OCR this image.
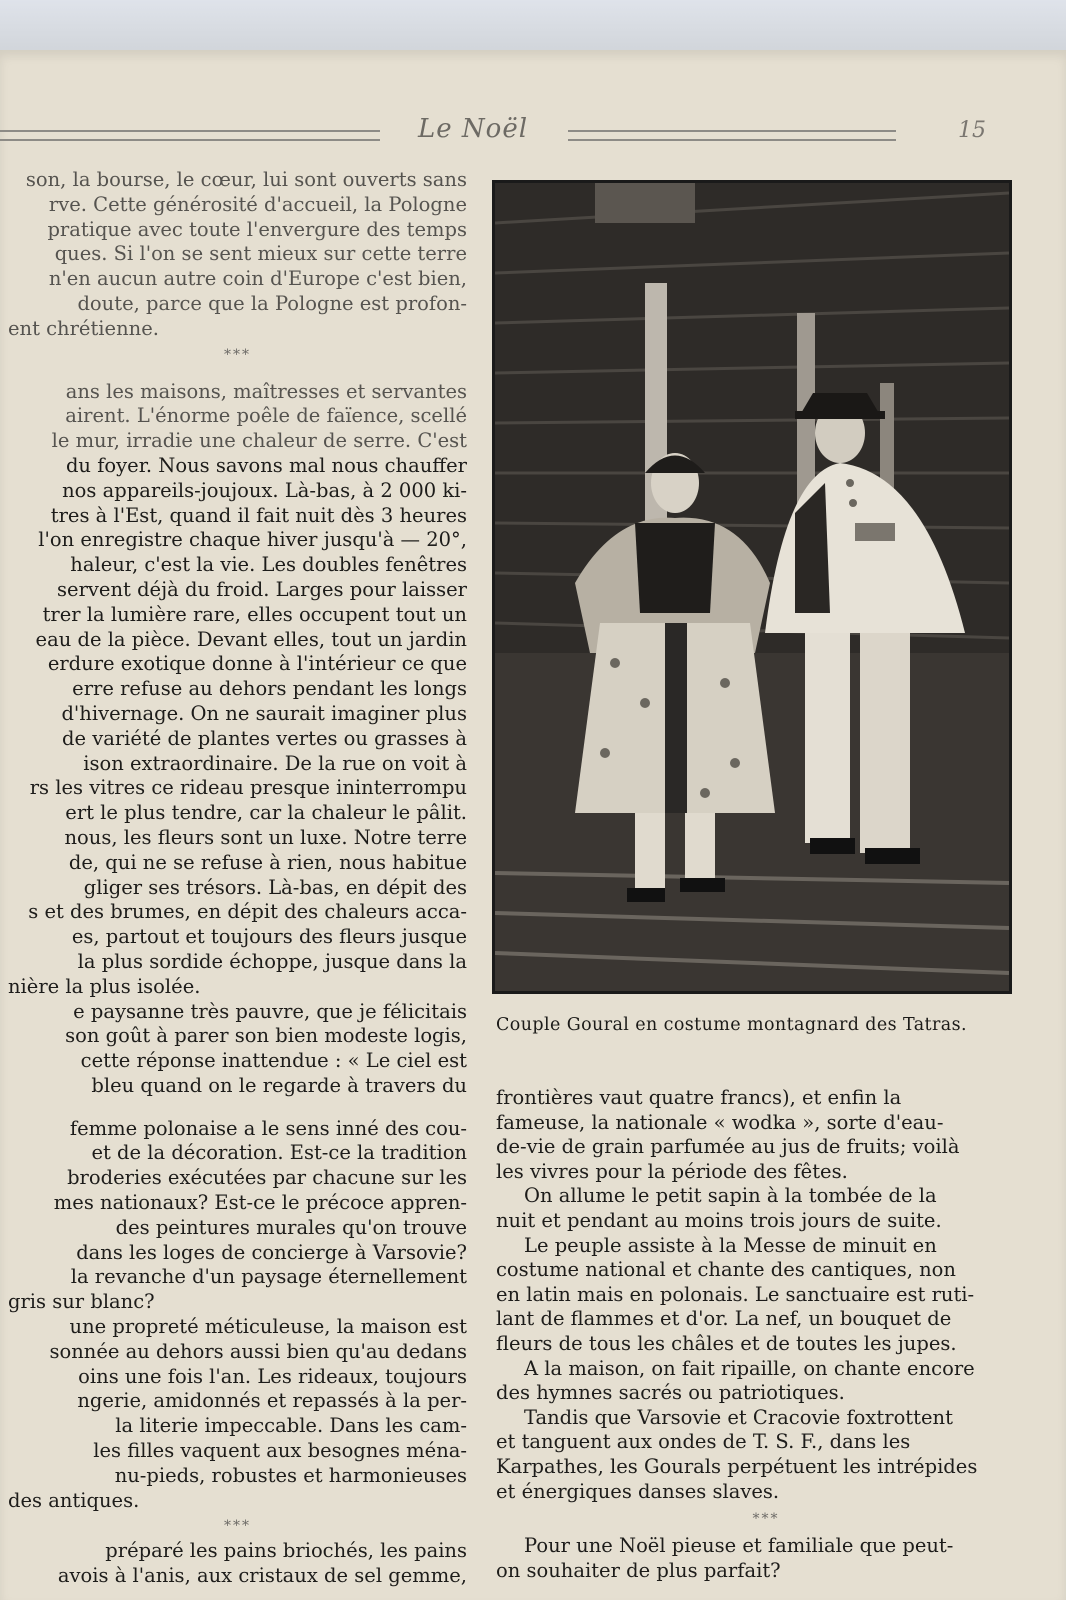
Le Noël	15
son, la bourse, le cœur, lui sont ouverts sans
rve. Cette générosité d'accueil, la Pologne
pratique avec toute l'envergure des temps
ques. Si l'on se sent mieux sur cette terre
n'en aucun autre coin d'Europe c'est bien,
doute, parce que la Pologne est profon-
ent chrétienne.
***
ans les maisons, maîtresses et servantes
airent. L'énorme poêle de faïence, scellé
le mur, irradie une chaleur de serre. C'est
du foyer. Nous savons mal nous chauffer
nos appareils-joujoux. Là-bas, à 2 000 ki-
tres à l'Est, quand il fait nuit dès 3 heures
l'on enregistre chaque hiver jusqu'à — 20°,
haleur, c'est la vie. Les doubles fenêtres
servent déjà du froid. Larges pour laisser
trer la lumière rare, elles occupent tout un
eau de la pièce. Devant elles, tout un jardin
erdure exotique donne à l'intérieur ce que
erre refuse au dehors pendant les longs
d'hivernage. On ne saurait imaginer plus
de variété de plantes vertes ou grasses à
ison extraordinaire. De la rue on voit à
rs les vitres ce rideau presque ininterrompu
ert le plus tendre, car la chaleur le pâlit.
nous, les fleurs sont un luxe. Notre terre
de, qui ne se refuse à rien, nous habitue
gliger ses trésors. Là-bas, en dépit des
s et des brumes, en dépit des chaleurs acca-
es, partout et toujours des fleurs jusque
la plus sordide échoppe, jusque dans la
nière la plus isolée.
e paysanne très pauvre, que je félicitais
son goût à parer son bien modeste logis,
cette réponse inattendue : « Le ciel est
bleu quand on le regarde à travers du
femme polonaise a le sens inné des cou-
et de la décoration. Est-ce la tradition
broderies exécutées par chacune sur les
mes nationaux? Est-ce le précoce appren-
des peintures murales qu'on trouve
dans les loges de concierge à Varsovie?
la revanche d'un paysage éternellement
gris sur blanc?
une propreté méticuleuse, la maison est
sonnée au dehors aussi bien qu'au dedans
oins une fois l'an. Les rideaux, toujours
ngerie, amidonnés et repassés à la per-
la literie impeccable. Dans les cam-
les filles vaquent aux besognes ména-
nu-pieds, robustes et harmonieuses
des antiques.
***
préparé les pains briochés, les pains
avois à l'anis, aux cristaux de sel gemme,
Couple Goural en costume montagnard des Tatras.
frontières vaut quatre francs), et enfin la
fameuse, la nationale « wodka », sorte d'eau-
de-vie de grain parfumée au jus de fruits; voilà
les vivres pour la période des fêtes.
On allume le petit sapin à la tombée de la
nuit et pendant au moins trois jours de suite.
Le peuple assiste à la Messe de minuit en
costume national et chante des cantiques, non
en latin mais en polonais. Le sanctuaire est ruti-
lant de flammes et d'or. La nef, un bouquet de
fleurs de tous les châles et de toutes les jupes.
A la maison, on fait ripaille, on chante encore
des hymnes sacrés ou patriotiques.
Tandis que Varsovie et Cracovie foxtrottent
et tanguent aux ondes de T. S. F., dans les
Karpathes, les Gourals perpétuent les intrépides
et énergiques danses slaves.
***
Pour une Noël pieuse et familiale que peut-
on souhaiter de plus parfait?
